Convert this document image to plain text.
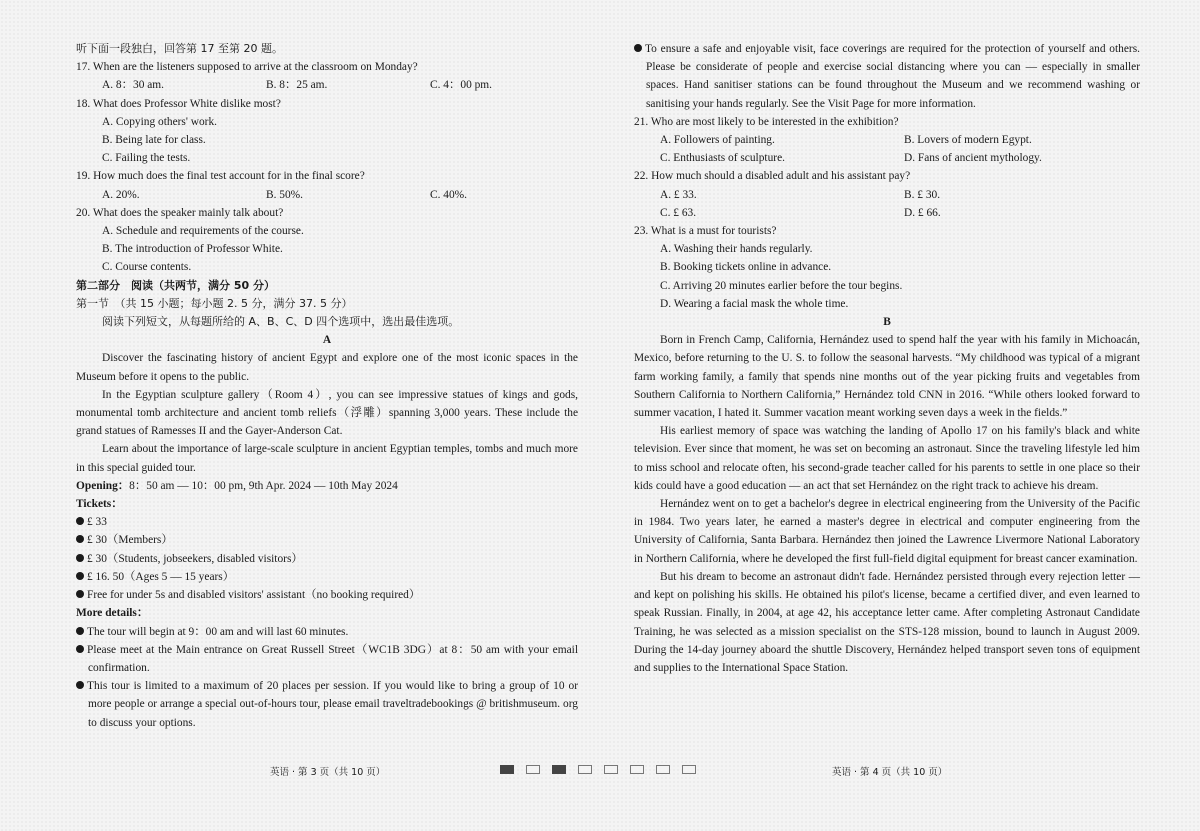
听下面一段独白，回答第 17 至第 20 题。

17. When are the listeners supposed to arrive at the classroom on Monday?

A. 8：30 am.	B. 8：25 am.	C. 4：00 pm.

18. What does Professor White dislike most?

A. Copying others' work.

B. Being late for class.

C. Failing the tests.

19. How much does the final test account for in the final score?

A. 20%.	B. 50%.	C. 40%.

20. What does the speaker mainly talk about?

A. Schedule and requirements of the course.

B. The introduction of Professor White.

C. Course contents.

第二部分　阅读（共两节，满分 50 分）

第一节　（共 15 小题；每小题 2. 5 分，满分 37. 5 分）

阅读下列短文，从每题所给的 A、B、C、D 四个选项中，选出最佳选项。

A

Discover the fascinating history of ancient Egypt and explore one of the most iconic spaces in the Museum before it opens to the public.

In the Egyptian sculpture gallery（Room 4）, you can see impressive statues of kings and gods, monumental tomb architecture and ancient tomb reliefs（浮雕）spanning 3,000 years. These include the grand statues of Ramesses II and the Gayer-Anderson Cat.

Learn about the importance of large-scale sculpture in ancient Egyptian temples, tombs and much more in this special guided tour.

Opening：8：50 am — 10：00 pm, 9th Apr. 2024 — 10th May 2024

Tickets：

£ 33

£ 30（Members）

£ 30（Students, jobseekers, disabled visitors）

£ 16. 50（Ages 5 — 15 years）

Free for under 5s and disabled visitors' assistant（no booking required）

More details：

The tour will begin at 9：00 am and will last 60 minutes.

Please meet at the Main entrance on Great Russell Street（WC1B 3DG）at 8：50 am with your email confirmation.

This tour is limited to a maximum of 20 places per session. If you would like to bring a group of 10 or more people or arrange a special out-of-hours tour, please email traveltradebookings @ britishmuseum. org to discuss your options.

To ensure a safe and enjoyable visit, face coverings are required for the protection of yourself and others. Please be considerate of people and exercise social distancing where you can — especially in smaller spaces. Hand sanitiser stations can be found throughout the Museum and we recommend washing or sanitising your hands regularly. See the Visit Page for more information.

21. Who are most likely to be interested in the exhibition?

A. Followers of painting.	B. Lovers of modern Egypt.
C. Enthusiasts of sculpture.	D. Fans of ancient mythology.

22. How much should a disabled adult and his assistant pay?

A. £ 33.	B. £ 30.
C. £ 63.	D. £ 66.

23. What is a must for tourists?

A. Washing their hands regularly.

B. Booking tickets online in advance.

C. Arriving 20 minutes earlier before the tour begins.

D. Wearing a facial mask the whole time.

B

Born in French Camp, California, Hernández used to spend half the year with his family in Michoacán, Mexico, before returning to the U. S. to follow the seasonal harvests. “My childhood was typical of a migrant farm working family, a family that spends nine months out of the year picking fruits and vegetables from Southern California to Northern California,” Hernández told CNN in 2016. “While others looked forward to summer vacation, I hated it. Summer vacation meant working seven days a week in the fields.”

His earliest memory of space was watching the landing of Apollo 17 on his family's black and white television. Ever since that moment, he was set on becoming an astronaut. Since the traveling lifestyle led him to miss school and relocate often, his second-grade teacher called for his parents to settle in one place so their kids could have a good education — an act that set Hernández on the right track to achieve his dream.

Hernández went on to get a bachelor's degree in electrical engineering from the University of the Pacific in 1984. Two years later, he earned a master's degree in electrical and computer engineering from the University of California, Santa Barbara. Hernández then joined the Lawrence Livermore National Laboratory in Northern California, where he developed the first full-field digital equipment for breast cancer examination.

But his dream to become an astronaut didn't fade. Hernández persisted through every rejection letter — and kept on polishing his skills. He obtained his pilot's license, became a certified diver, and even learned to speak Russian. Finally, in 2004, at age 42, his acceptance letter came. After completing Astronaut Candidate Training, he was selected as a mission specialist on the STS-128 mission, bound to launch in August 2009. During the 14-day journey aboard the shuttle Discovery, Hernández helped transport seven tons of equipment and supplies to the International Space Station.

英语 · 第 3 页（共 10 页）	英语 · 第 4 页（共 10 页）
